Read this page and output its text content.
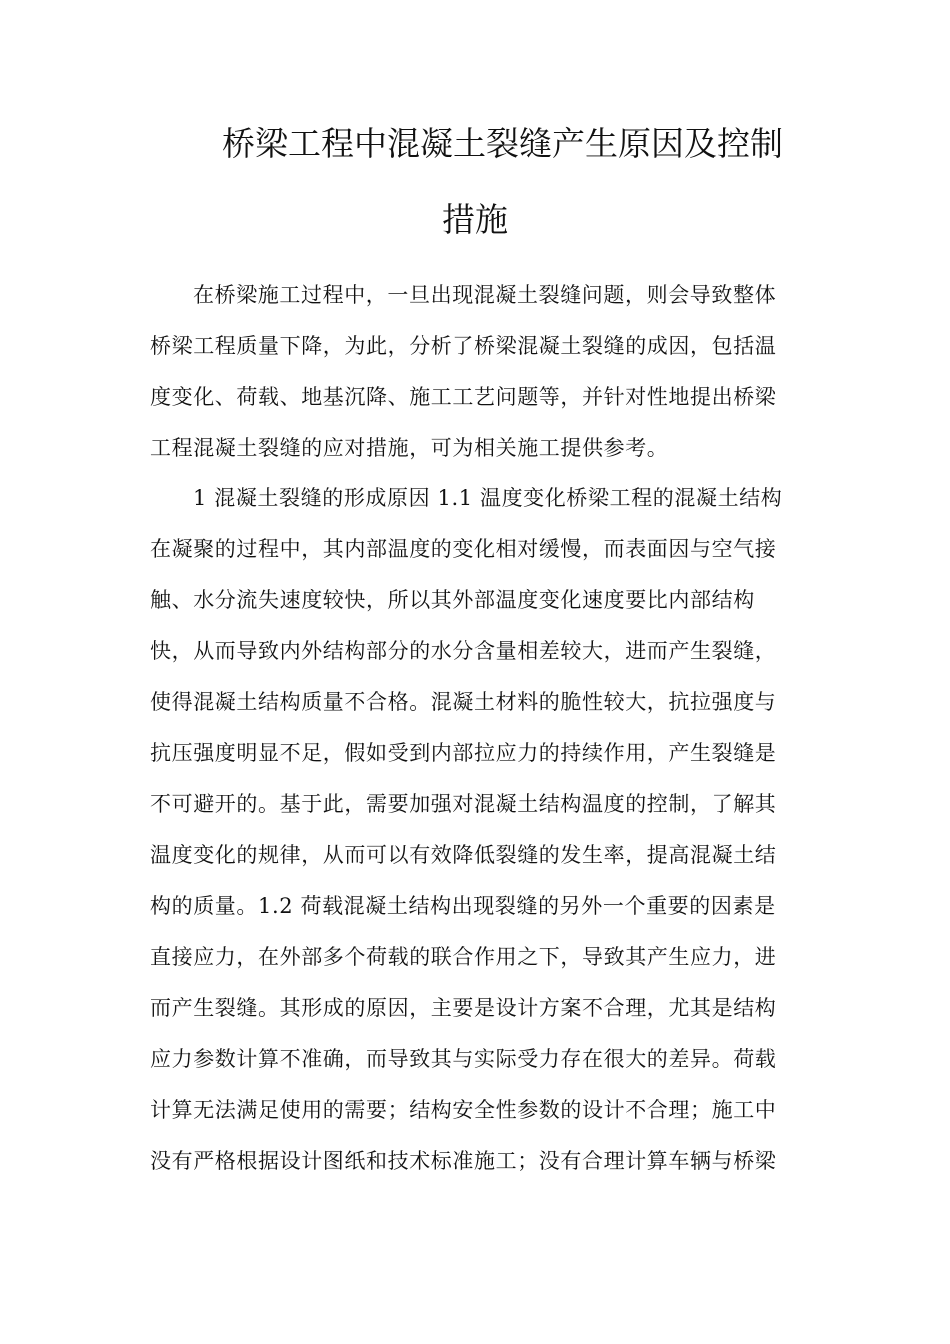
桥梁工程中混凝土裂缝产生原因及控制
措施
在桥梁施工过程中，一旦出现混凝土裂缝问题，则会导致整体
桥梁工程质量下降，为此，分析了桥梁混凝土裂缝的成因，包括温
度变化、荷载、地基沉降、施工工艺问题等，并针对性地提出桥梁
工程混凝土裂缝的应对措施，可为相关施工提供参考。
1 混凝土裂缝的形成原因 1.1 温度变化桥梁工程的混凝土结构
在凝聚的过程中，其内部温度的变化相对缓慢，而表面因与空气接
触、水分流失速度较快，所以其外部温度变化速度要比内部结构
快，从而导致内外结构部分的水分含量相差较大，进而产生裂缝，
使得混凝土结构质量不合格。混凝土材料的脆性较大，抗拉强度与
抗压强度明显不足，假如受到内部拉应力的持续作用，产生裂缝是
不可避开的。基于此，需要加强对混凝土结构温度的控制，了解其
温度变化的规律，从而可以有效降低裂缝的发生率，提高混凝土结
构的质量。1.2 荷载混凝土结构出现裂缝的另外一个重要的因素是
直接应力，在外部多个荷载的联合作用之下，导致其产生应力，进
而产生裂缝。其形成的原因，主要是设计方案不合理，尤其是结构
应力参数计算不准确，而导致其与实际受力存在很大的差异。荷载
计算无法满足使用的需要；结构安全性参数的设计不合理；施工中
没有严格根据设计图纸和技术标准施工；没有合理计算车辆与桥梁
